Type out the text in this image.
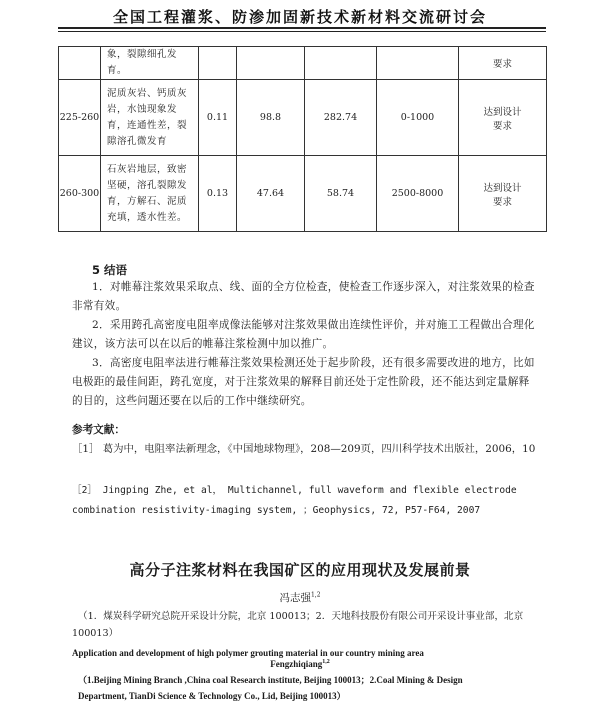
全国工程灌浆、防渗加固新技术新材料交流研讨会
	象，裂隙细孔发育。					要求
225-260	泥质灰岩、钙质灰岩，水蚀现象发育，连通性差，裂隙溶孔微发育	0.11	98.8	282.74	0-1000	达到设计要求
260-300	石灰岩地层，致密坚硬，溶孔裂隙发育，方解石、泥质充填，透水性差。	0.13	47.64	58.74	2500-8000	达到设计要求
5 结语
1．对帷幕注浆效果采取点、线、面的全方位检查，使检查工作逐步深入，对注浆效果的检查非常有效。
2．采用跨孔高密度电阻率成像法能够对注浆效果做出连续性评价，并对施工工程做出合理化建议，该方法可以在以后的帷幕注浆检测中加以推广。
3．高密度电阻率法进行帷幕注浆效果检测还处于起步阶段，还有很多需要改进的地方，比如电极距的最佳间距，跨孔宽度，对于注浆效果的解释目前还处于定性阶段，还不能达到定量解释的目的，这些问题还要在以后的工作中继续研究。
参考文献：
［1］ 葛为中，电阻率法新理念，《中国地球物理》，208—209页，四川科学技术出版社，2006，10
［2］ Jingping Zhe, et al， Multichannel, full waveform and flexible electrode combination resistivity-imaging system, ；Geophysics, 72, P57-F64, 2007
高分子注浆材料在我国矿区的应用现状及发展前景
冯志强$^{1,2}$
（1．煤炭科学研究总院开采设计分院，北京 100013；2．天地科技股份有限公司开采设计事业部，北京 100013）
Application and development of high polymer grouting material in our country mining area
Fengzhiqiang$^{1,2}$
（1.Beijing Mining Branch ,China coal Research institute, Beijing 100013；2.Coal Mining & Design
Department, TianDi Science & Technology Co., Lid, Beijing 100013）
